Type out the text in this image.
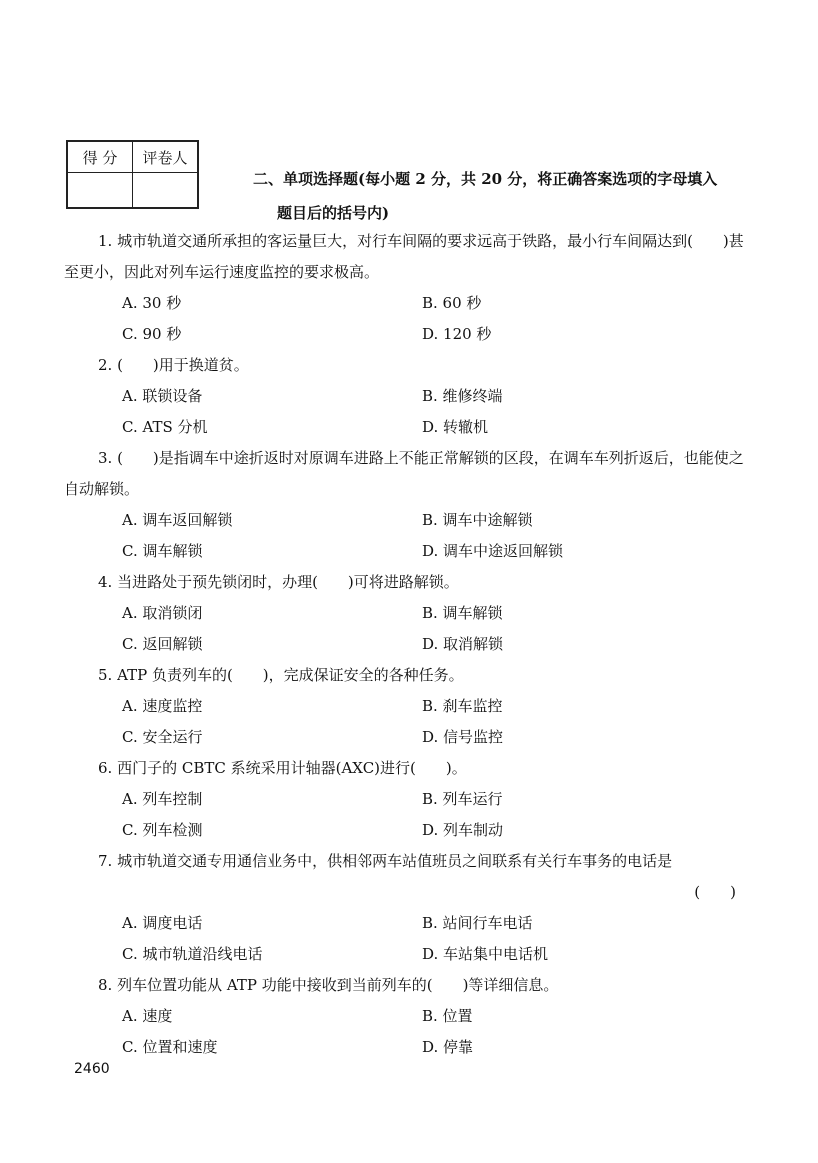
得 分	评卷人

二、单项选择题(每小题 2 分，共 20 分，将正确答案选项的字母填入
题目后的括号内)
1. 城市轨道交通所承担的客运量巨大，对行车间隔的要求远高于铁路，最小行车间隔达到(　　)甚至更小，因此对列车运行速度监控的要求极高。
A. 30 秒	B. 60 秒
C. 90 秒	D. 120 秒
2. (　　)用于换道贫。
A. 联锁设备	B. 维修终端
C. ATS 分机	D. 转辙机
3. (　　)是指调车中途折返时对原调车进路上不能正常解锁的区段，在调车车列折返后，也能使之自动解锁。
A. 调车返回解锁	B. 调车中途解锁
C. 调车解锁	D. 调车中途返回解锁
4. 当进路处于预先锁闭时，办理(　　)可将进路解锁。
A. 取消锁闭	B. 调车解锁
C. 返回解锁	D. 取消解锁
5. ATP 负责列车的(　　)，完成保证安全的各种任务。
A. 速度监控	B. 刹车监控
C. 安全运行	D. 信号监控
6. 西门子的 CBTC 系统采用计轴器(AXC)进行(　　)。
A. 列车控制	B. 列车运行
C. 列车检测	D. 列车制动
7. 城市轨道交通专用通信业务中，供相邻两车站值班员之间联系有关行车事务的电话是
(　　)
A. 调度电话	B. 站间行车电话
C. 城市轨道沿线电话	D. 车站集中电话机
8. 列车位置功能从 ATP 功能中接收到当前列车的(　　)等详细信息。
A. 速度	B. 位置
C. 位置和速度	D. 停靠
2460
